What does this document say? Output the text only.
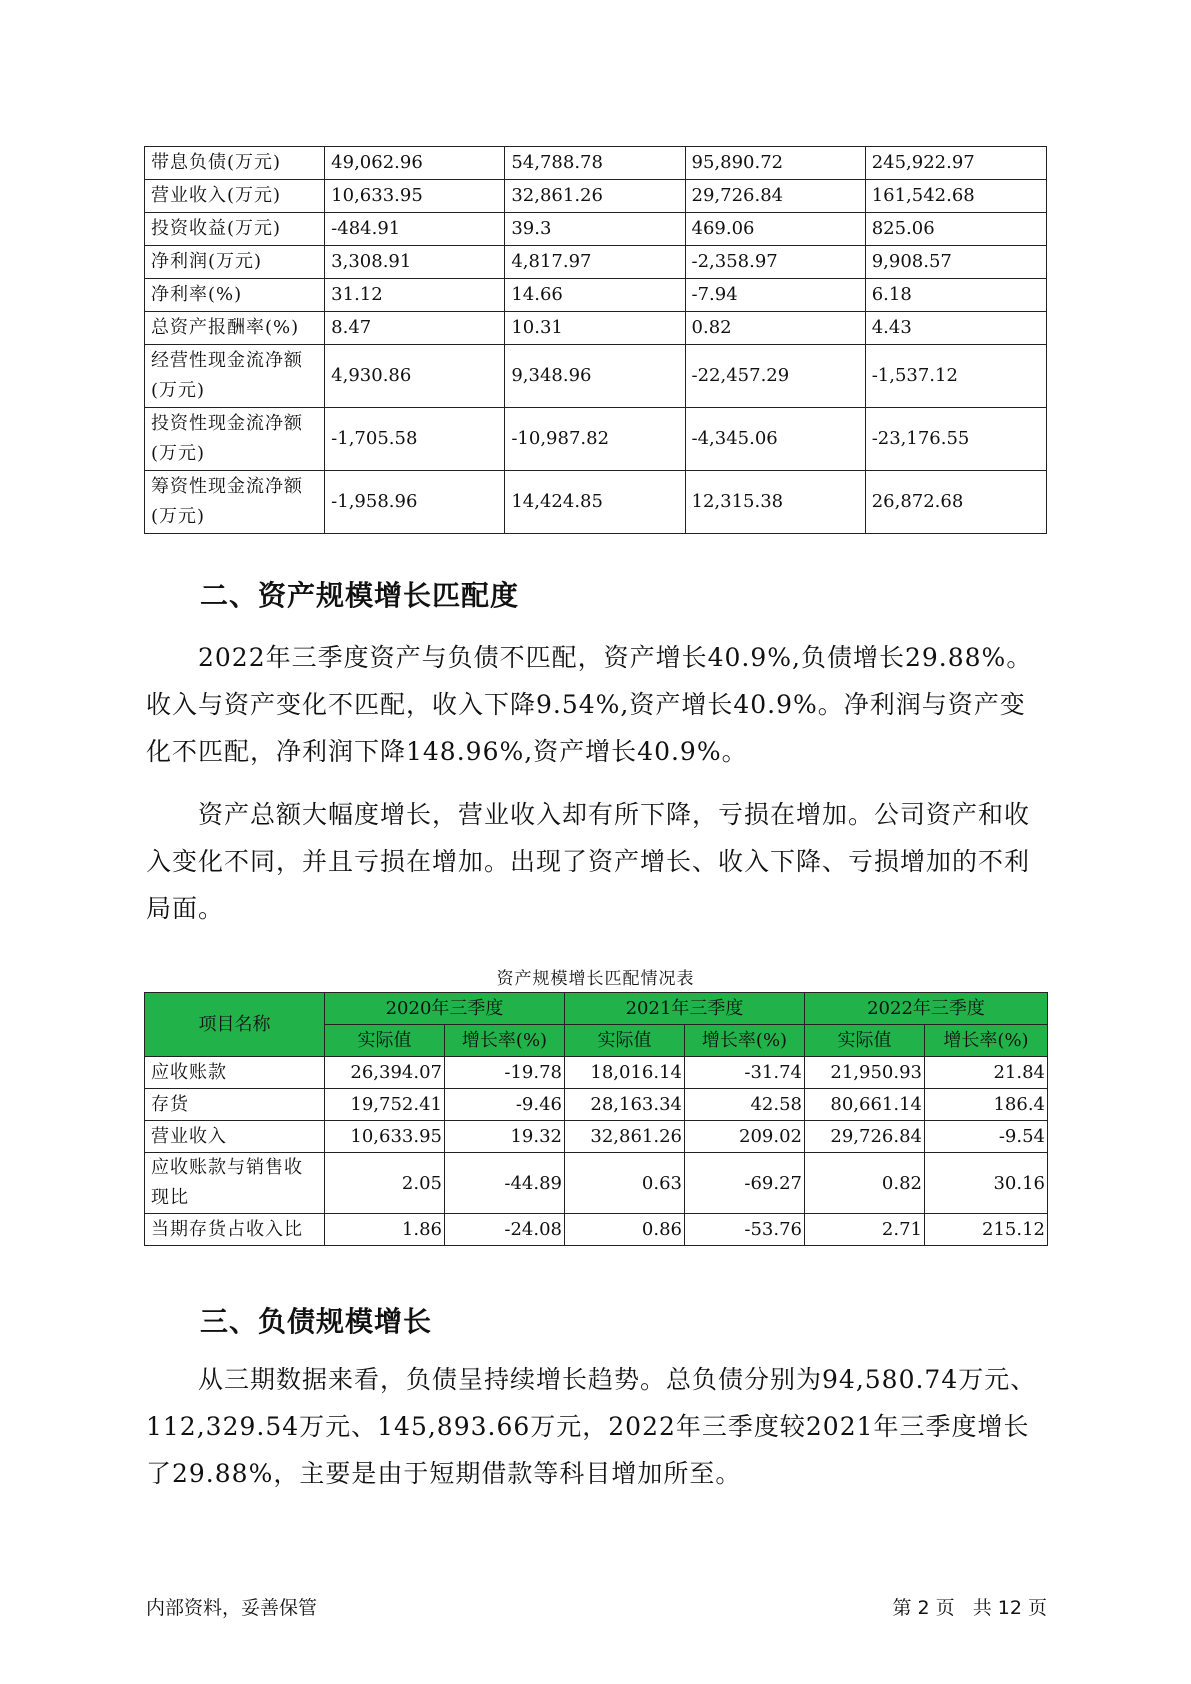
带息负债(万元)	49,062.96	54,788.78	95,890.72	245,922.97
营业收入(万元)	10,633.95	32,861.26	29,726.84	161,542.68
投资收益(万元)	-484.91	39.3	469.06	825.06
净利润(万元)	3,308.91	4,817.97	-2,358.97	9,908.57
净利率(%)	31.12	14.66	-7.94	6.18
总资产报酬率(%)	8.47	10.31	0.82	4.43
经营性现金流净额(万元)	4,930.86	9,348.96	-22,457.29	-1,537.12
投资性现金流净额(万元)	-1,705.58	-10,987.82	-4,345.06	-23,176.55
筹资性现金流净额(万元)	-1,958.96	14,424.85	12,315.38	26,872.68
二、资产规模增长匹配度

2022年三季度资产与负债不匹配，资产增长40.9%,负债增长29.88%。收入与资产变化不匹配，收入下降9.54%,资产增长40.9%。净利润与资产变化不匹配，净利润下降148.96%,资产增长40.9%。

资产总额大幅度增长，营业收入却有所下降，亏损在增加。公司资产和收入变化不同，并且亏损在增加。出现了资产增长、收入下降、亏损增加的不利局面。

资产规模增长匹配情况表
项目名称	2020年三季度		2021年三季度		2022年三季度	
	实际值	增长率(%)	实际值	增长率(%)	实际值	增长率(%)
应收账款	26,394.07	-19.78	18,016.14	-31.74	21,950.93	21.84
存货	19,752.41	-9.46	28,163.34	42.58	80,661.14	186.4
营业收入	10,633.95	19.32	32,861.26	209.02	29,726.84	-9.54
应收账款与销售收现比	2.05	-44.89	0.63	-69.27	0.82	30.16
当期存货占收入比	1.86	-24.08	0.86	-53.76	2.71	215.12
三、负债规模增长

从三期数据来看，负债呈持续增长趋势。总负债分别为94,580.74万元、112,329.54万元、145,893.66万元，2022年三季度较2021年三季度增长了29.88%，主要是由于短期借款等科目增加所至。

内部资料，妥善保管	第 2 页   共 12 页
